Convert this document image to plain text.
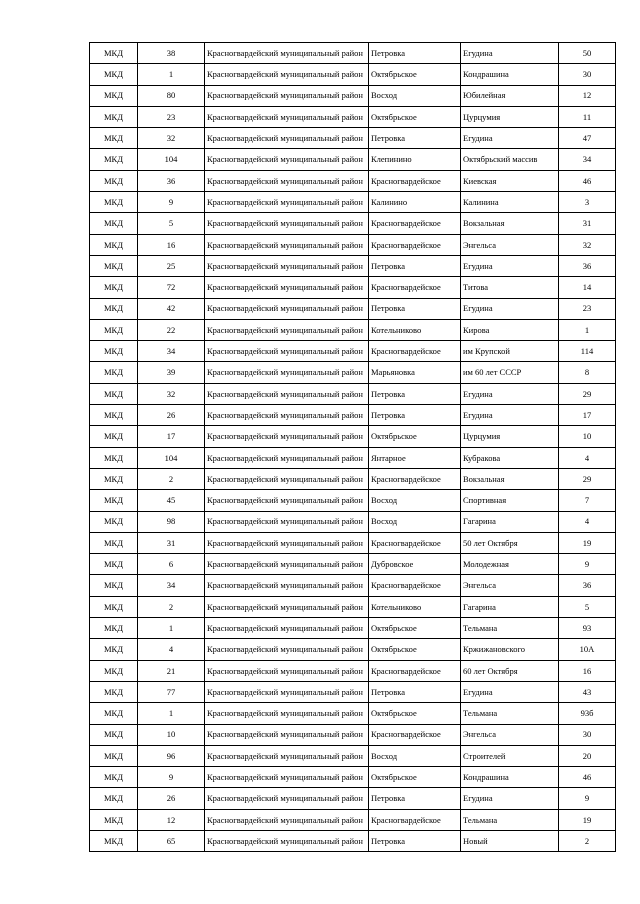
МКД	38	Красногвардейский муниципальный район	Петровка	Егудина	50
МКД	1	Красногвардейский муниципальный район	Октябрьское	Кондрашина	30
МКД	80	Красногвардейский муниципальный район	Восход	Юбилейная	12
МКД	23	Красногвардейский муниципальный район	Октябрьское	Цурцумия	11
МКД	32	Красногвардейский муниципальный район	Петровка	Егудина	47
МКД	104	Красногвардейский муниципальный район	Клепинино	Октябрьский массив	34
МКД	36	Красногвардейский муниципальный район	Красногвардейское	Киевская	46
МКД	9	Красногвардейский муниципальный район	Калинино	Калинина	3
МКД	5	Красногвардейский муниципальный район	Красногвардейское	Вокзальная	31
МКД	16	Красногвардейский муниципальный район	Красногвардейское	Энгельса	32
МКД	25	Красногвардейский муниципальный район	Петровка	Егудина	36
МКД	72	Красногвардейский муниципальный район	Красногвардейское	Титова	14
МКД	42	Красногвардейский муниципальный район	Петровка	Егудина	23
МКД	22	Красногвардейский муниципальный район	Котельниково	Кирова	1
МКД	34	Красногвардейский муниципальный район	Красногвардейское	им Крупской	114
МКД	39	Красногвардейский муниципальный район	Марьяновка	им 60 лет СССР	8
МКД	32	Красногвардейский муниципальный район	Петровка	Егудина	29
МКД	26	Красногвардейский муниципальный район	Петровка	Егудина	17
МКД	17	Красногвардейский муниципальный район	Октябрьское	Цурцумия	10
МКД	104	Красногвардейский муниципальный район	Янтарное	Кубракова	4
МКД	2	Красногвардейский муниципальный район	Красногвардейское	Вокзальная	29
МКД	45	Красногвардейский муниципальный район	Восход	Спортивная	7
МКД	98	Красногвардейский муниципальный район	Восход	Гагарина	4
МКД	31	Красногвардейский муниципальный район	Красногвардейское	50 лет Октября	19
МКД	6	Красногвардейский муниципальный район	Дубровское	Молодежная	9
МКД	34	Красногвардейский муниципальный район	Красногвардейское	Энгельса	36
МКД	2	Красногвардейский муниципальный район	Котельниково	Гагарина	5
МКД	1	Красногвардейский муниципальный район	Октябрьское	Тельмана	93
МКД	4	Красногвардейский муниципальный район	Октябрьское	Кржижановского	10А
МКД	21	Красногвардейский муниципальный район	Красногвардейское	60 лет Октября	16
МКД	77	Красногвардейский муниципальный район	Петровка	Егудина	43
МКД	1	Красногвардейский муниципальный район	Октябрьское	Тельмана	93б
МКД	10	Красногвардейский муниципальный район	Красногвардейское	Энгельса	30
МКД	96	Красногвардейский муниципальный район	Восход	Строителей	20
МКД	9	Красногвардейский муниципальный район	Октябрьское	Кондрашина	46
МКД	26	Красногвардейский муниципальный район	Петровка	Егудина	9
МКД	12	Красногвардейский муниципальный район	Красногвардейское	Тельмана	19
МКД	65	Красногвардейский муниципальный район	Петровка	Новый	2
